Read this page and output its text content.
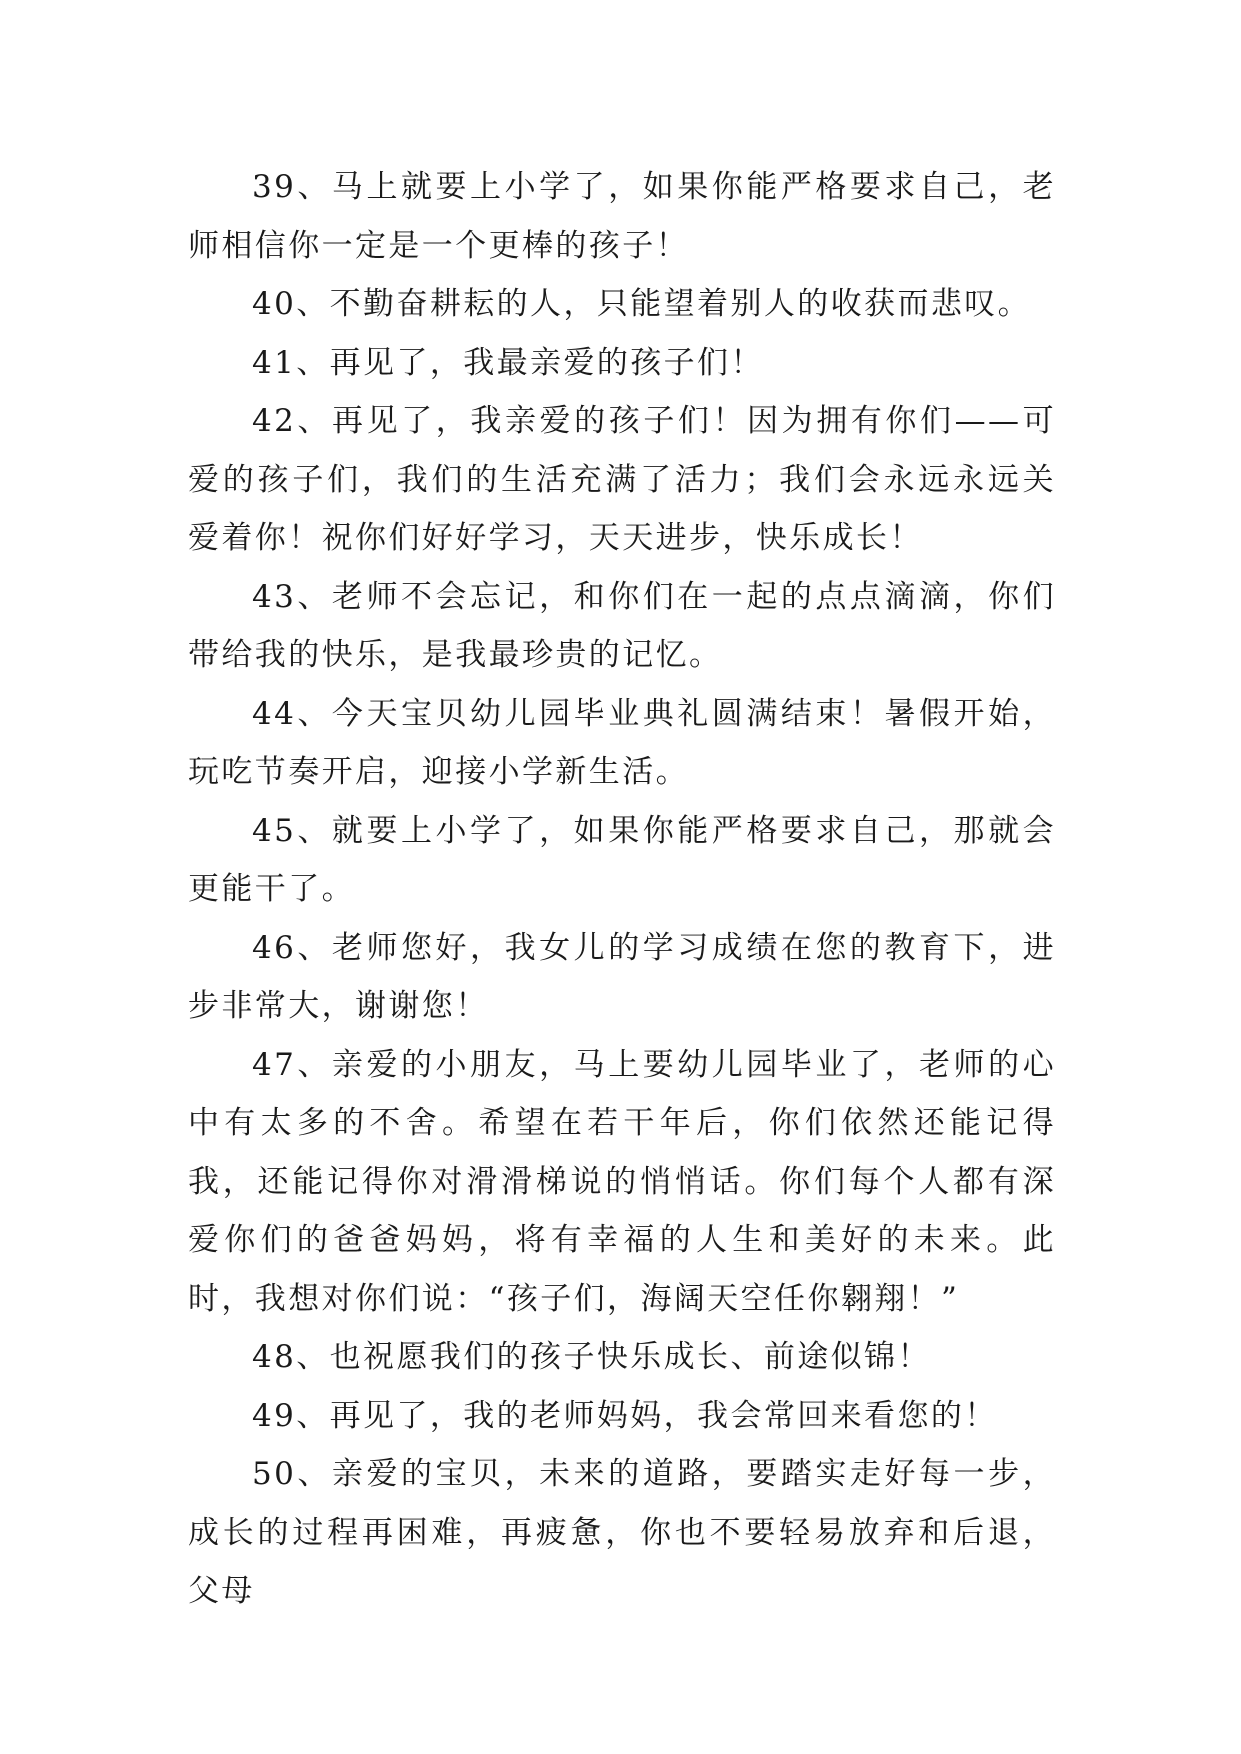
39、马上就要上小学了，如果你能严格要求自己，老师相信你一定是一个更棒的孩子！

40、不勤奋耕耘的人，只能望着别人的收获而悲叹。

41、再见了，我最亲爱的孩子们！

42、再见了，我亲爱的孩子们！因为拥有你们——可爱的孩子们，我们的生活充满了活力；我们会永远永远关爱着你！祝你们好好学习，天天进步，快乐成长！

43、老师不会忘记，和你们在一起的点点滴滴，你们带给我的快乐，是我最珍贵的记忆。

44、今天宝贝幼儿园毕业典礼圆满结束！暑假开始，玩吃节奏开启，迎接小学新生活。

45、就要上小学了，如果你能严格要求自己，那就会更能干了。

46、老师您好，我女儿的学习成绩在您的教育下，进步非常大，谢谢您！

47、亲爱的小朋友，马上要幼儿园毕业了，老师的心中有太多的不舍。希望在若干年后，你们依然还能记得我，还能记得你对滑滑梯说的悄悄话。你们每个人都有深爱你们的爸爸妈妈，将有幸福的人生和美好的未来。此时，我想对你们说：“孩子们，海阔天空任你翱翔！”

48、也祝愿我们的孩子快乐成长、前途似锦！

49、再见了，我的老师妈妈，我会常回来看您的！

50、亲爱的宝贝，未来的道路，要踏实走好每一步，成长的过程再困难，再疲惫，你也不要轻易放弃和后退，父母
